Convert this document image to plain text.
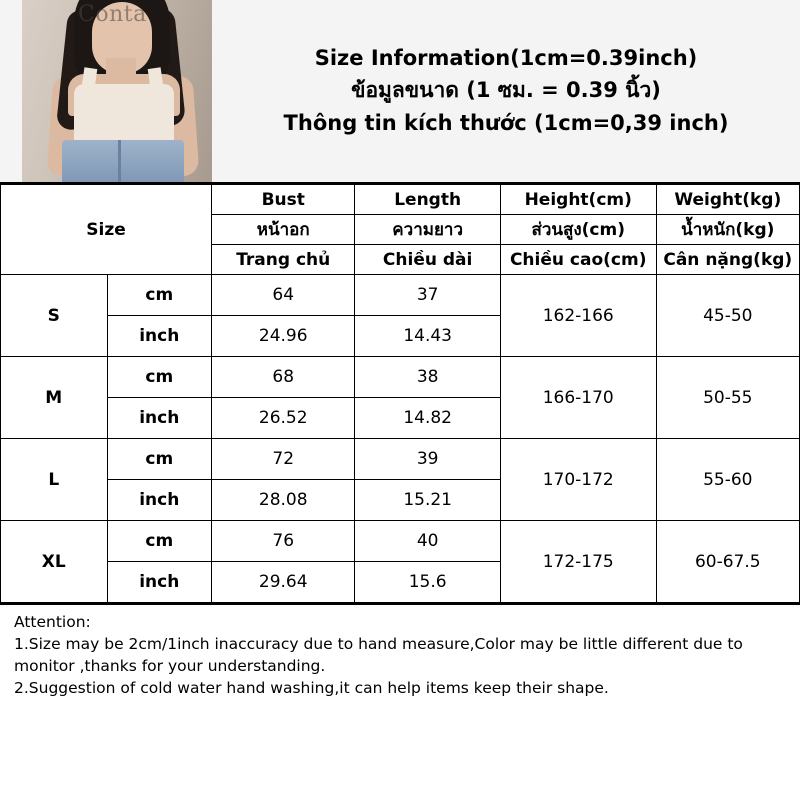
Conta
Size Information(1cm=0.39inch)
ข้อมูลขนาด (1 ซม. = 0.39 นิ้ว)
Thông tin kích thước (1cm=0,39 inch)
Size		Bust	Length	Height(cm)	Weight(kg)
		หน้าอก	ความยาว	ส่วนสูง(cm)	น้ำหนัก(kg)
		Trang chủ	Chiều dài	Chiều cao(cm)	Cân nặng(kg)
S	cm	64	37	162-166	45-50
	inch	24.96	14.43		
M	cm	68	38	166-170	50-55
	inch	26.52	14.82		
L	cm	72	39	170-172	55-60
	inch	28.08	15.21		
XL	cm	76	40	172-175	60-67.5
	inch	29.64	15.6		

Attention:

1.Size may be 2cm/1inch inaccuracy due to hand measure,Color may be little different due to monitor ,thanks for your understanding.

2.Suggestion of cold water hand washing,it can help items keep their shape.
